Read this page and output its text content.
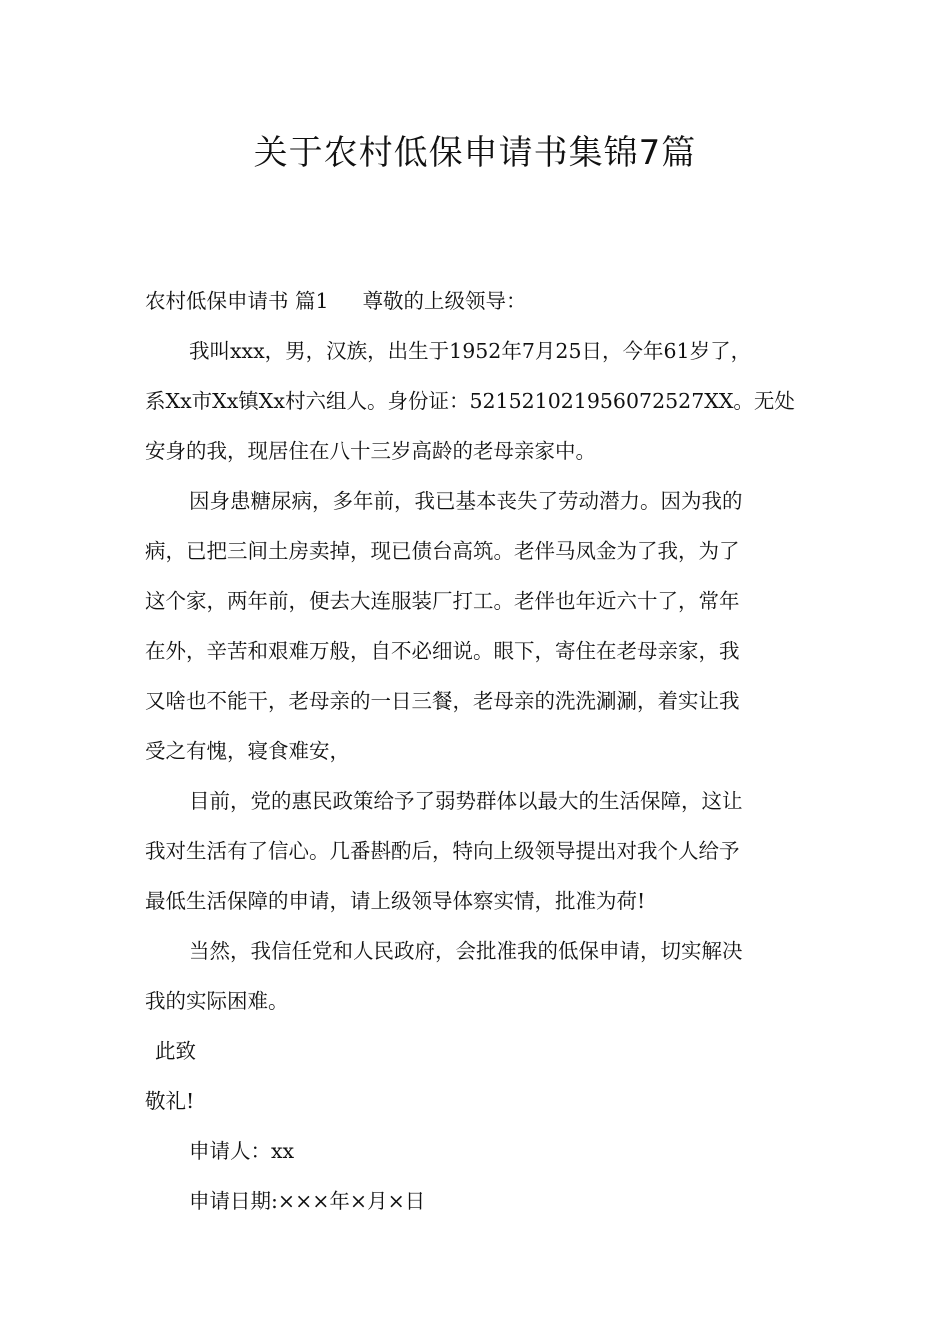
关于农村低保申请书集锦7篇
农村低保申请书 篇1 尊敬的上级领导：
我叫xxx，男，汉族，出生于1952年7月25日，今年61岁了，
系Xx市Xx镇Xx村六组人。身份证：521521021956072527XX。无处
安身的我，现居住在八十三岁高龄的老母亲家中。
因身患糖尿病，多年前，我已基本丧失了劳动潜力。因为我的
病，已把三间土房卖掉，现已债台高筑。老伴马凤金为了我，为了
这个家，两年前，便去大连服装厂打工。老伴也年近六十了，常年
在外，辛苦和艰难万般，自不必细说。眼下，寄住在老母亲家，我
又啥也不能干，老母亲的一日三餐，老母亲的洗洗涮涮，着实让我
受之有愧，寝食难安，
目前，党的惠民政策给予了弱势群体以最大的生活保障，这让
我对生活有了信心。几番斟酌后，特向上级领导提出对我个人给予
最低生活保障的申请，请上级领导体察实情，批准为荷!
当然，我信任党和人民政府，会批准我的低保申请，切实解决
我的实际困难。
此致
敬礼!
申请人：xx
申请日期:×××年×月×日
